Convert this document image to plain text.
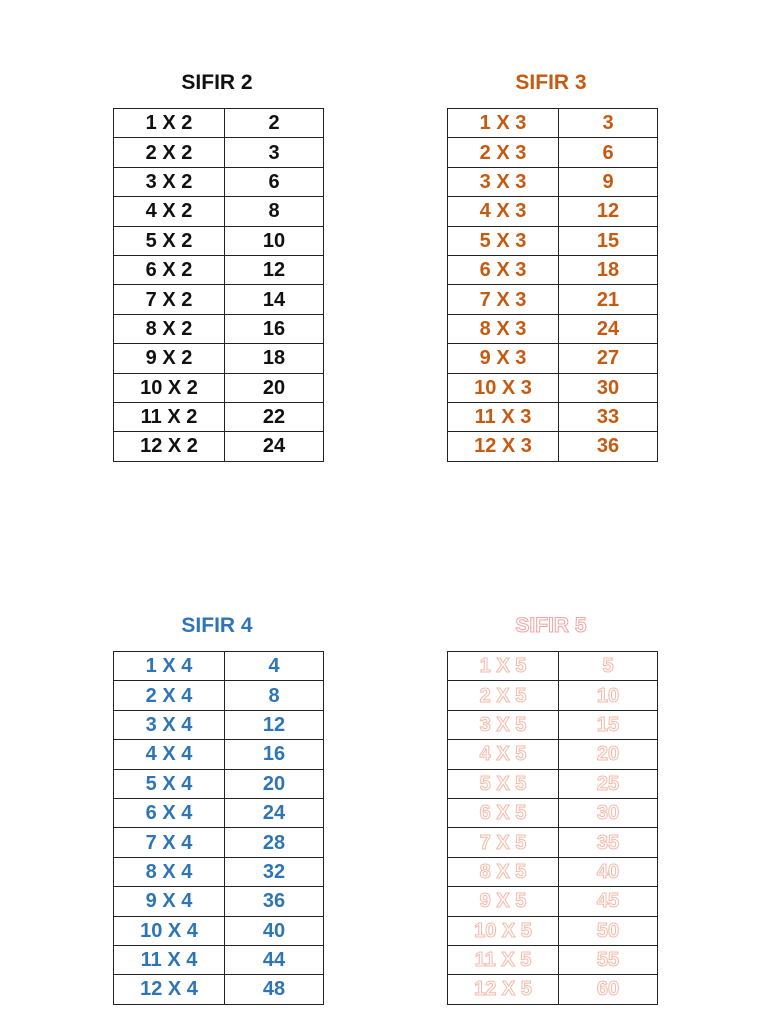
SIFIR 2
1 X 2	2
2 X 2	3
3 X 2	6
4 X 2	8
5 X 2	10
6 X 2	12
7 X 2	14
8 X 2	16
9 X 2	18
10 X 2	20
11 X 2	22
12 X 2	24
SIFIR 3
1 X 3	3
2 X 3	6
3 X 3	9
4 X 3	12
5 X 3	15
6 X 3	18
7 X 3	21
8 X 3	24
9 X 3	27
10 X 3	30
11 X 3	33
12 X 3	36
SIFIR 4
1 X 4	4
2 X 4	8
3 X 4	12
4 X 4	16
5 X 4	20
6 X 4	24
7 X 4	28
8 X 4	32
9 X 4	36
10 X 4	40
11 X 4	44
12 X 4	48
SIFIR 5
1 X 5	5
2 X 5	10
3 X 5	15
4 X 5	20
5 X 5	25
6 X 5	30
7 X 5	35
8 X 5	40
9 X 5	45
10 X 5	50
11 X 5	55
12 X 5	60
